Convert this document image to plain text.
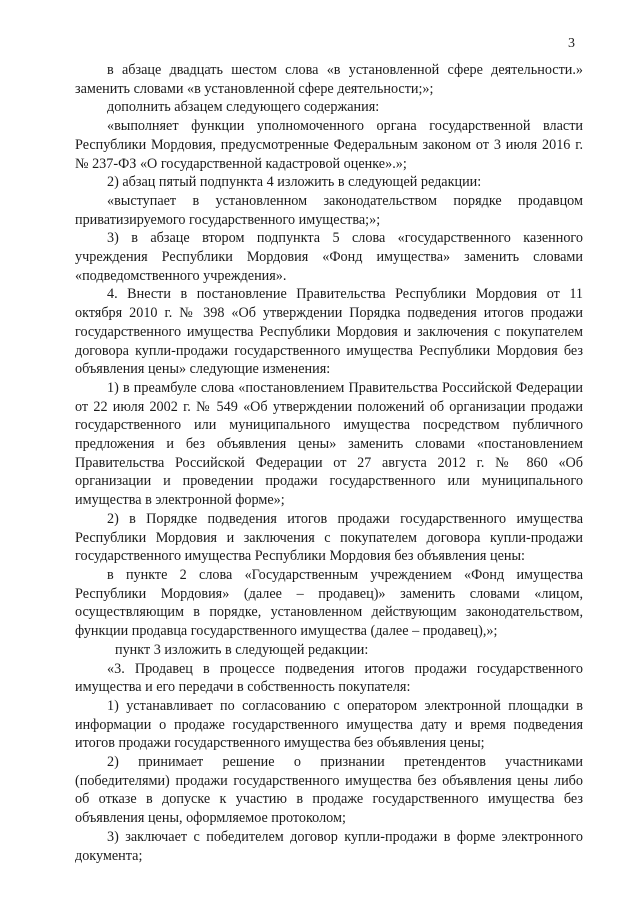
3

в абзаце двадцать шестом слова «в установленной сфере деятельности.» заменить словами «в установленной сфере деятельности;»;

дополнить абзацем следующего содержания:

«выполняет функции уполномоченного органа государственной власти Республики Мордовия, предусмотренные Федеральным законом от 3 июля 2016 г. № 237-ФЗ «О государственной кадастровой оценке».»;

2) абзац пятый подпункта 4 изложить в следующей редакции:

«выступает в установленном законодательством порядке продавцом приватизируемого государственного имущества;»;

3) в абзаце втором подпункта 5 слова «государственного казенного учреждения Республики Мордовия «Фонд имущества» заменить словами «подведомственного учреждения».

4. Внести в постановление Правительства Республики Мордовия от 11 октября 2010 г. № 398 «Об утверждении Порядка подведения итогов продажи государственного имущества Республики Мордовия и заключения с покупателем договора купли-продажи государственного имущества Республики Мордовия без объявления цены» следующие изменения:

1) в преамбуле слова «постановлением Правительства Российской Федерации от 22 июля 2002 г. № 549 «Об утверждении положений об организации продажи государственного или муниципального имущества посредством публичного предложения и без объявления цены» заменить словами «постановлением Правительства Российской Федерации от 27 августа 2012 г. № 860 «Об организации и проведении продажи государственного или муниципального имущества в электронной форме»;

2) в Порядке подведения итогов продажи государственного имущества Республики Мордовия и заключения с покупателем договора купли-продажи государственного имущества Республики Мордовия без объявления цены:

в пункте 2 слова «Государственным учреждением «Фонд имущества Республики Мордовия» (далее – продавец)» заменить словами «лицом, осуществляющим в порядке, установленном действующим законодательством, функции продавца государственного имущества (далее – продавец),»;

пункт 3 изложить в следующей редакции:

«3. Продавец в процессе подведения итогов продажи государственного имущества и его передачи в собственность покупателя:

1) устанавливает по согласованию с оператором электронной площадки в информации о продаже государственного имущества дату и время подведения итогов продажи государственного имущества без объявления цены;

2) принимает решение о признании претендентов участниками (победителями) продажи государственного имущества без объявления цены либо об отказе в допуске к участию в продаже государственного имущества без объявления цены, оформляемое протоколом;

3) заключает с победителем договор купли-продажи в форме электронного документа;
